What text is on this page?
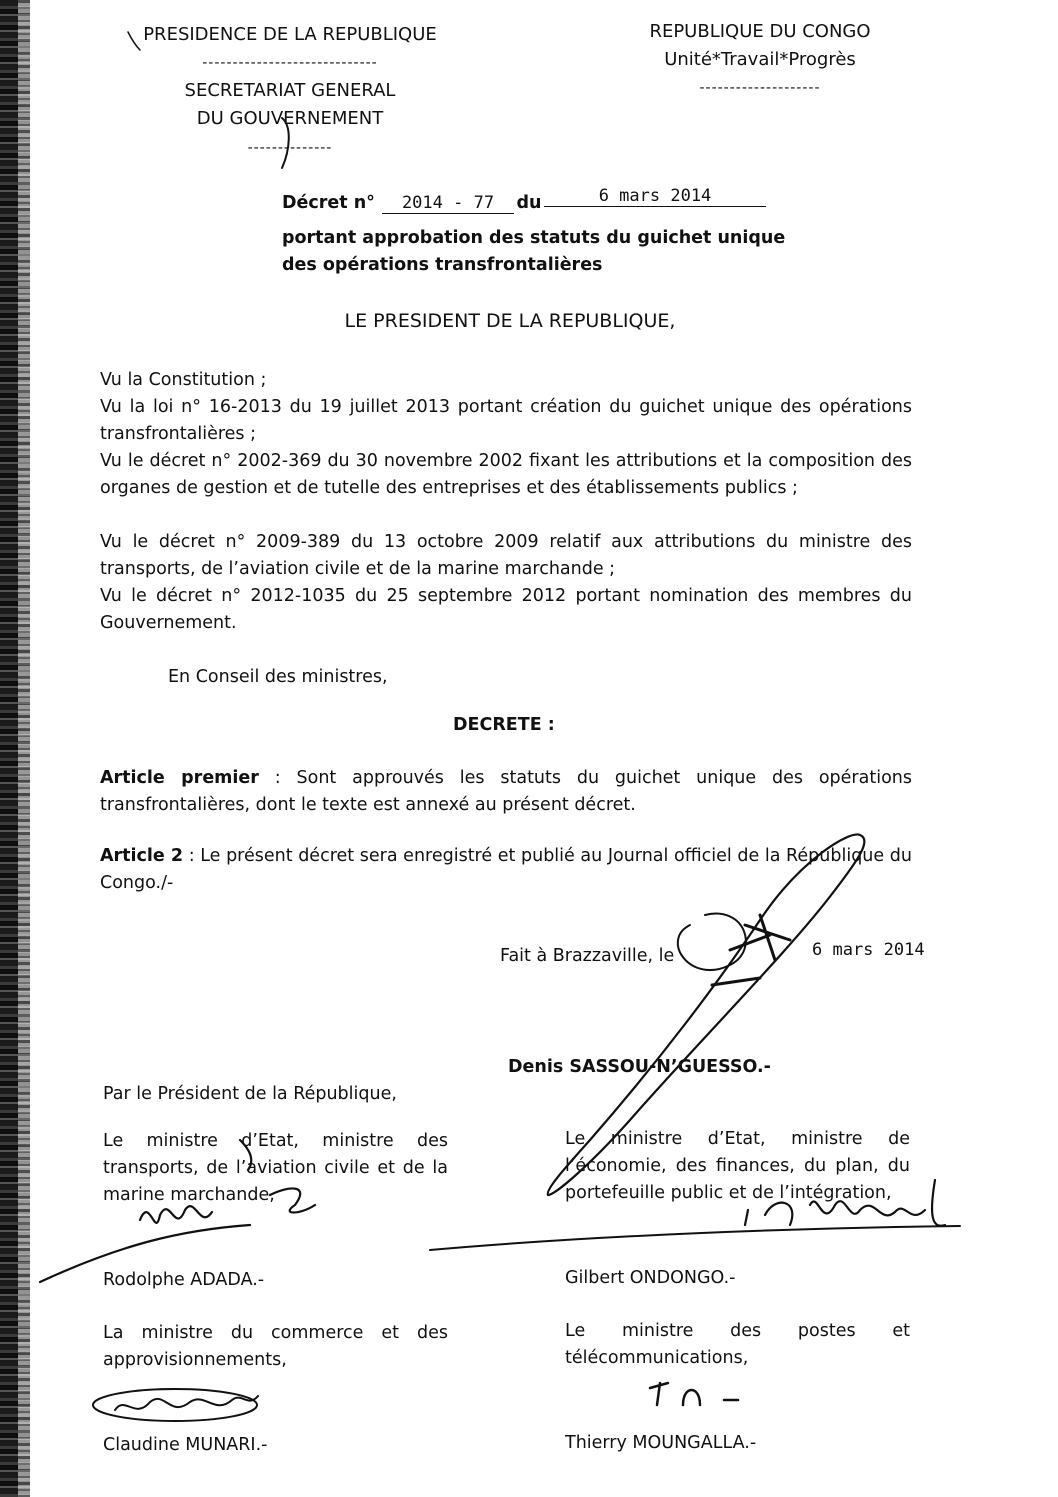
PRESIDENCE DE LA REPUBLIQUE
-----------------------------
SECRETARIAT GENERAL
DU GOUVERNEMENT
--------------
REPUBLIQUE DU CONGO
Unité*Travail*Progrès
--------------------
Décret n° 2014 - 77 du	6 mars 2014
portant approbation des statuts du guichet unique
des opérations transfrontalières
LE PRESIDENT DE LA REPUBLIQUE,
Vu la Constitution ;
Vu la loi n° 16-2013 du 19 juillet 2013 portant création du guichet unique des opérations transfrontalières ;
Vu le décret n° 2002-369 du 30 novembre 2002 fixant les attributions et la composition des organes de gestion et de tutelle des entreprises et des établissements publics ;
Vu le décret n° 2009-389 du 13 octobre 2009 relatif aux attributions du ministre des transports, de l’aviation civile et de la marine marchande ;
Vu le décret n° 2012-1035 du 25 septembre 2012 portant nomination des membres du Gouvernement.
En Conseil des ministres,
DECRETE :
Article premier : Sont approuvés les statuts du guichet unique des opérations transfrontalières, dont le texte est annexé au présent décret.
Article 2 : Le présent décret sera enregistré et publié au Journal officiel de la République du Congo./-
Fait à Brazzaville, le	6 mars 2014
Denis SASSOU-N’GUESSO.-
Par le Président de la République,
Le ministre d’Etat, ministre des transports, de l’aviation civile et de la marine marchande,
Rodolphe ADADA.-
Le ministre d’Etat, ministre de l’économie, des finances, du plan, du portefeuille public et de l’intégration,
Gilbert ONDONGO.-
La ministre du commerce et des approvisionnements,
Claudine MUNARI.-
Le ministre des postes et télécommunications,
Thierry MOUNGALLA.-
